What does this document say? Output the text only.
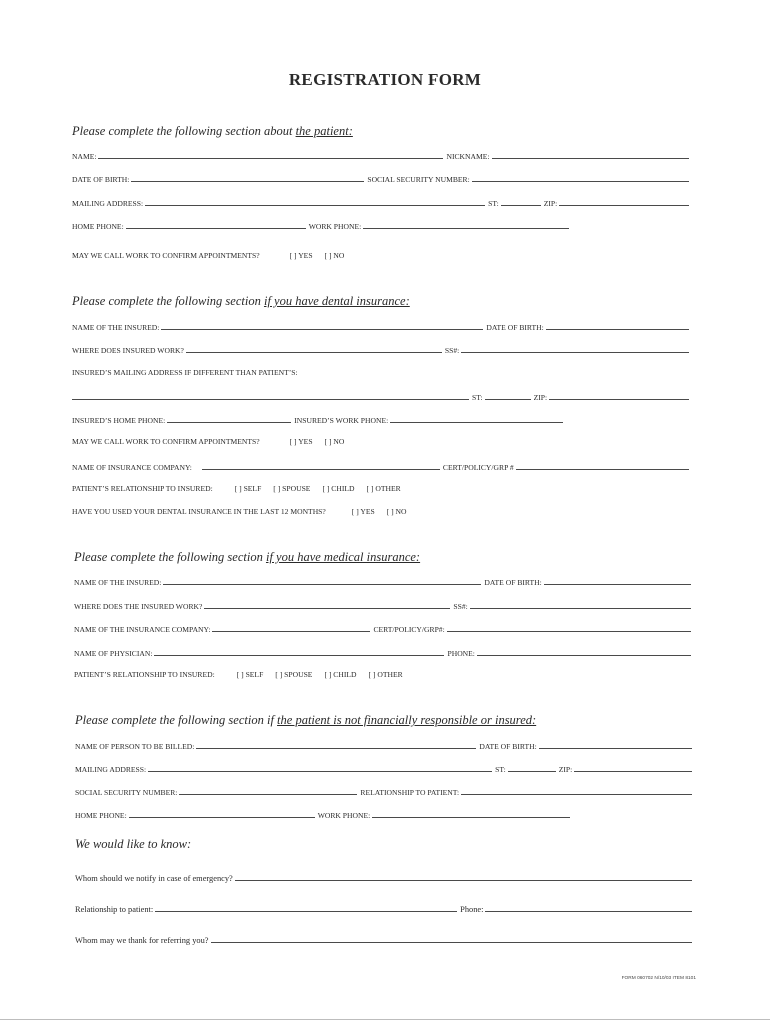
REGISTRATION FORM
Please complete the following section about the patient:
NAME:	NICKNAME:
DATE OF BIRTH:	SOCIAL SECURITY NUMBER:
MAILING ADDRESS:	ST:	ZIP:
HOME PHONE:	WORK PHONE:
MAY WE CALL WORK TO CONFIRM APPOINTMENTS?	[ ] YES [ ] NO
Please complete the following section if you have dental insurance:
NAME OF THE INSURED:	DATE OF BIRTH:
WHERE DOES INSURED WORK?	SS#:
INSURED’S MAILING ADDRESS IF DIFFERENT THAN PATIENT’S:
ST:	ZIP:
INSURED’S HOME PHONE:	INSURED’S WORK PHONE:
MAY WE CALL WORK TO CONFIRM APPOINTMENTS?	[ ] YES [ ] NO
NAME OF INSURANCE COMPANY:	CERT/POLICY/GRP #
PATIENT’S RELATIONSHIP TO INSURED:	[ ] SELF [ ] SPOUSE [ ] CHILD [ ] OTHER
HAVE YOU USED YOUR DENTAL INSURANCE IN THE LAST 12 MONTHS?	[ ] YES [ ] NO
Please complete the following section if you have medical insurance:
NAME OF THE INSURED:	DATE OF BIRTH:
WHERE DOES THE INSURED WORK?	SS#:
NAME OF THE INSURANCE COMPANY:	CERT/POLICY/GRP#:
NAME OF PHYSICIAN:	PHONE:
PATIENT’S RELATIONSHIP TO INSURED:	[ ] SELF [ ] SPOUSE [ ] CHILD [ ] OTHER
Please complete the following section if the patient is not financially responsible or insured:
NAME OF PERSON TO BE BILLED:	DATE OF BIRTH:
MAILING ADDRESS:	ST:	ZIP:
SOCIAL SECURITY NUMBER:	RELATIONSHIP TO PATIENT:
HOME PHONE:	WORK PHONE:
We would like to know:
Whom should we notify in case of emergency?
Relationship to patient:	Phone:
Whom may we thank for referring you?
FORM 060702 N/10/03 ITEM 8101
